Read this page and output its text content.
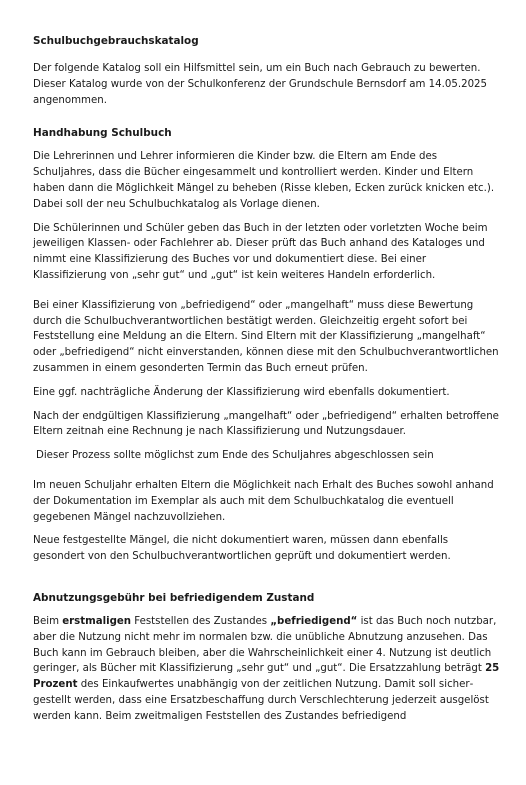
Schulbuchgebrauchskatalog

Der folgende Katalog soll ein Hilfsmittel sein, um ein Buch nach Gebrauch zu bewerten. Dieser Katalog wurde von der Schulkonferenz der Grundschule Bernsdorf am 14.05.2025 angenommen.

Handhabung Schulbuch

Die Lehrerinnen und Lehrer informieren die Kinder bzw. die Eltern am Ende des Schuljahres, dass die Bücher eingesammelt und kontrolliert werden. Kinder und Eltern haben dann die Möglichkeit Mängel zu beheben (Risse kleben, Ecken zurück knicken etc.). Dabei soll der neu Schulbuchkatalog als Vorlage dienen.

Die Schülerinnen und Schüler geben das Buch in der letzten oder vorletzten Woche beim jeweiligen Klassen- oder Fachlehrer ab. Dieser prüft das Buch anhand des Kataloges und nimmt eine Klassifizierung des Buches vor und dokumentiert diese. Bei einer Klassifizierung von „sehr gut“ und „gut“ ist kein weiteres Handeln erforderlich.

Bei einer Klassifizierung von „befriedigend“ oder „mangelhaft“ muss diese Bewertung durch die Schulbuchverantwortlichen bestätigt werden. Gleichzeitig ergeht sofort bei Feststellung eine Meldung an die Eltern. Sind Eltern mit der Klassifizierung „mangelhaft“ oder „befriedigend“ nicht einverstanden, können diese mit den Schulbuchverantwortlichen zusammen in einem gesonderten Termin das Buch erneut prüfen.

Eine ggf. nachträgliche Änderung der Klassifizierung wird ebenfalls dokumentiert.

Nach der endgültigen Klassifizierung „mangelhaft“ oder „befriedigend“ erhalten betroffene Eltern zeitnah eine Rechnung je nach Klassifizierung und Nutzungsdauer.

Dieser Prozess sollte möglichst zum Ende des Schuljahres abgeschlossen sein

Im neuen Schuljahr erhalten Eltern die Möglichkeit nach Erhalt des Buches sowohl anhand der Dokumentation im Exemplar als auch mit dem Schulbuchkatalog die eventuell gegebenen Mängel nachzuvollziehen.

Neue festgestellte Mängel, die nicht dokumentiert waren, müssen dann ebenfalls gesondert von den Schulbuchverantwortlichen geprüft und dokumentiert werden.

Abnutzungsgebühr bei befriedigendem Zustand

Beim erstmaligen Feststellen des Zustandes „befriedigend“ ist das Buch noch nutzbar, aber die Nutzung nicht mehr im normalen bzw. die unübliche Abnutzung anzusehen. Das Buch kann im Gebrauch bleiben, aber die Wahrscheinlichkeit einer 4. Nutzung ist deutlich geringer, als Bücher mit Klassifizierung „sehr gut“ und „gut“. Die Ersatzzahlung beträgt 25 Prozent des Einkaufwertes unabhängig von der zeitlichen Nutzung. Damit soll sichergestellt werden, dass eine Ersatzbeschaffung durch Verschlechterung jederzeit ausgelöst werden kann. Beim zweitmaligen Feststellen des Zustandes befriedigend
